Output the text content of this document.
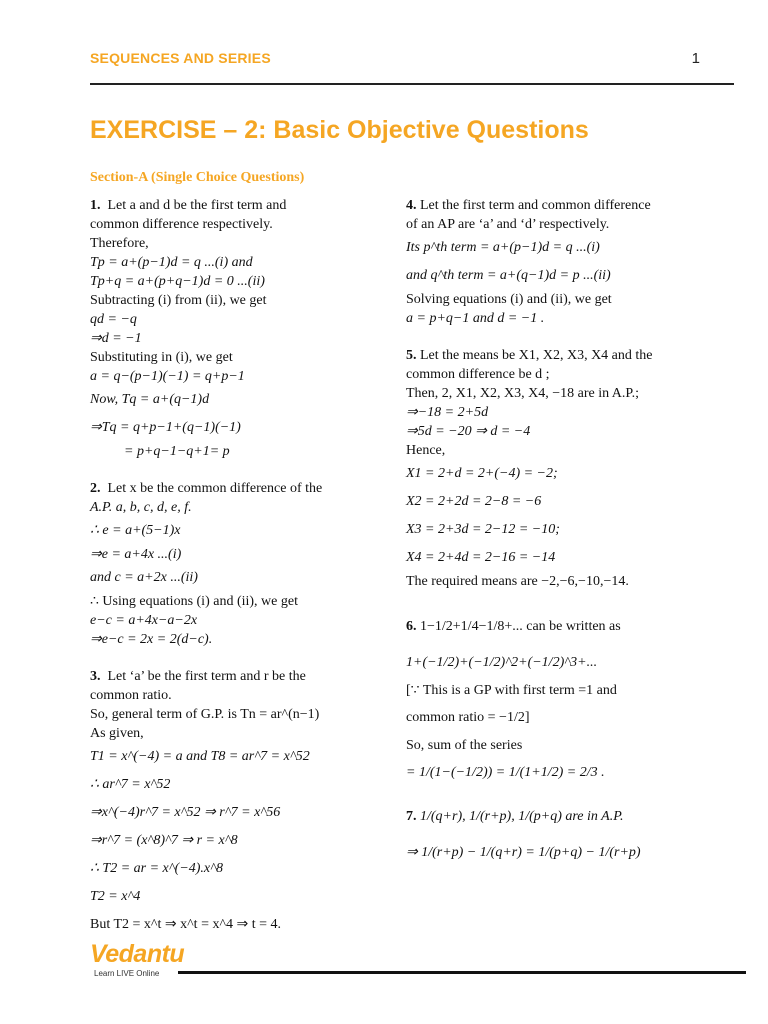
SEQUENCES AND SERIES	1
EXERCISE – 2: Basic Objective Questions
Section-A (Single Choice Questions)

1. Let a and d be the first term and

common difference respectively.

Therefore,

Tp = a+(p−1)d = q ...(i) and

Tp+q = a+(p+q−1)d = 0 ...(ii)

Subtracting (i) from (ii), we get

qd = −q

⇒d = −1

Substituting in (i), we get

a = q−(p−1)(−1) = q+p−1

Now, Tq = a+(q−1)d

⇒Tq = q+p−1+(q−1)(−1)

= p+q−1−q+1= p

2. Let x be the common difference of the

A.P. a, b, c, d, e, f.

∴ e = a+(5−1)x

⇒e = a+4x ...(i)

and c = a+2x ...(ii)

∴ Using equations (i) and (ii), we get

e−c = a+4x−a−2x

⇒e−c = 2x = 2(d−c).

3. Let ‘a’ be the first term and r be the

common ratio.

So, general term of G.P. is Tn = ar^(n−1)

As given,

T1 = x^(−4) = a and T8 = ar^7 = x^52

∴ ar^7 = x^52

⇒x^(−4)r^7 = x^52 ⇒ r^7 = x^56

⇒r^7 = (x^8)^7 ⇒ r = x^8

∴ T2 = ar = x^(−4).x^8

T2 = x^4

But T2 = x^t ⇒ x^t = x^4 ⇒ t = 4.

4. Let the first term and common difference

of an AP are ‘a’ and ‘d’ respectively.

Its p^th term = a+(p−1)d = q ...(i)

and q^th term = a+(q−1)d = p ...(ii)

Solving equations (i) and (ii), we get

a = p+q−1 and d = −1 .

5. Let the means be X1, X2, X3, X4 and the

common difference be d ;

Then, 2, X1, X2, X3, X4, −18 are in A.P.;

⇒−18 = 2+5d

⇒5d = −20 ⇒ d = −4

Hence,

X1 = 2+d = 2+(−4) = −2;

X2 = 2+2d = 2−8 = −6

X3 = 2+3d = 2−12 = −10;

X4 = 2+4d = 2−16 = −14

The required means are −2,−6,−10,−14.

6. 1−1/2+1/4−1/8+... can be written as

1+(−1/2)+(−1/2)^2+(−1/2)^3+...

[∵ This is a GP with first term =1 and

common ratio = −1/2]

So, sum of the series

= 1/(1−(−1/2)) = 1/(1+1/2) = 2/3 .

7. 1/(q+r), 1/(r+p), 1/(p+q) are in A.P.

⇒ 1/(r+p) − 1/(q+r) = 1/(p+q) − 1/(r+p)

Vedantu
Learn LIVE Online
